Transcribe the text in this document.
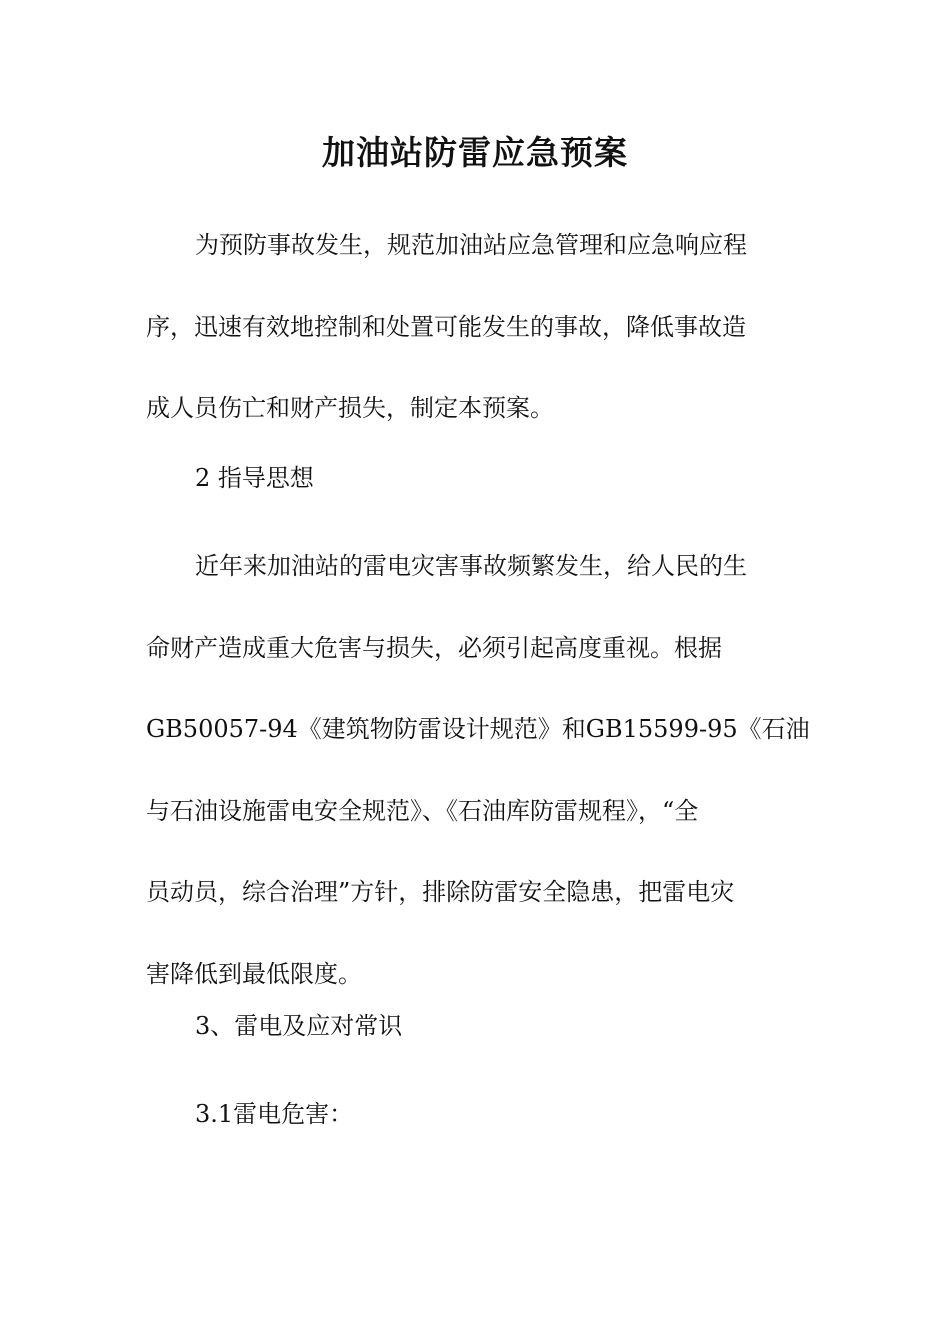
加油站防雷应急预案
为预防事故发生，规范加油站应急管理和应急响应程
序，迅速有效地控制和处置可能发生的事故，降低事故造
成人员伤亡和财产损失，制定本预案。
2 指导思想
近年来加油站的雷电灾害事故频繁发生，给人民的生
命财产造成重大危害与损失，必须引起高度重视。根据
GB50057-94《建筑物防雷设计规范》和GB15599-95《石油
与石油设施雷电安全规范》、《石油库防雷规程》，“全
员动员，综合治理”方针，排除防雷安全隐患，把雷电灾
害降低到最低限度。
3、雷电及应对常识
3.1雷电危害：
